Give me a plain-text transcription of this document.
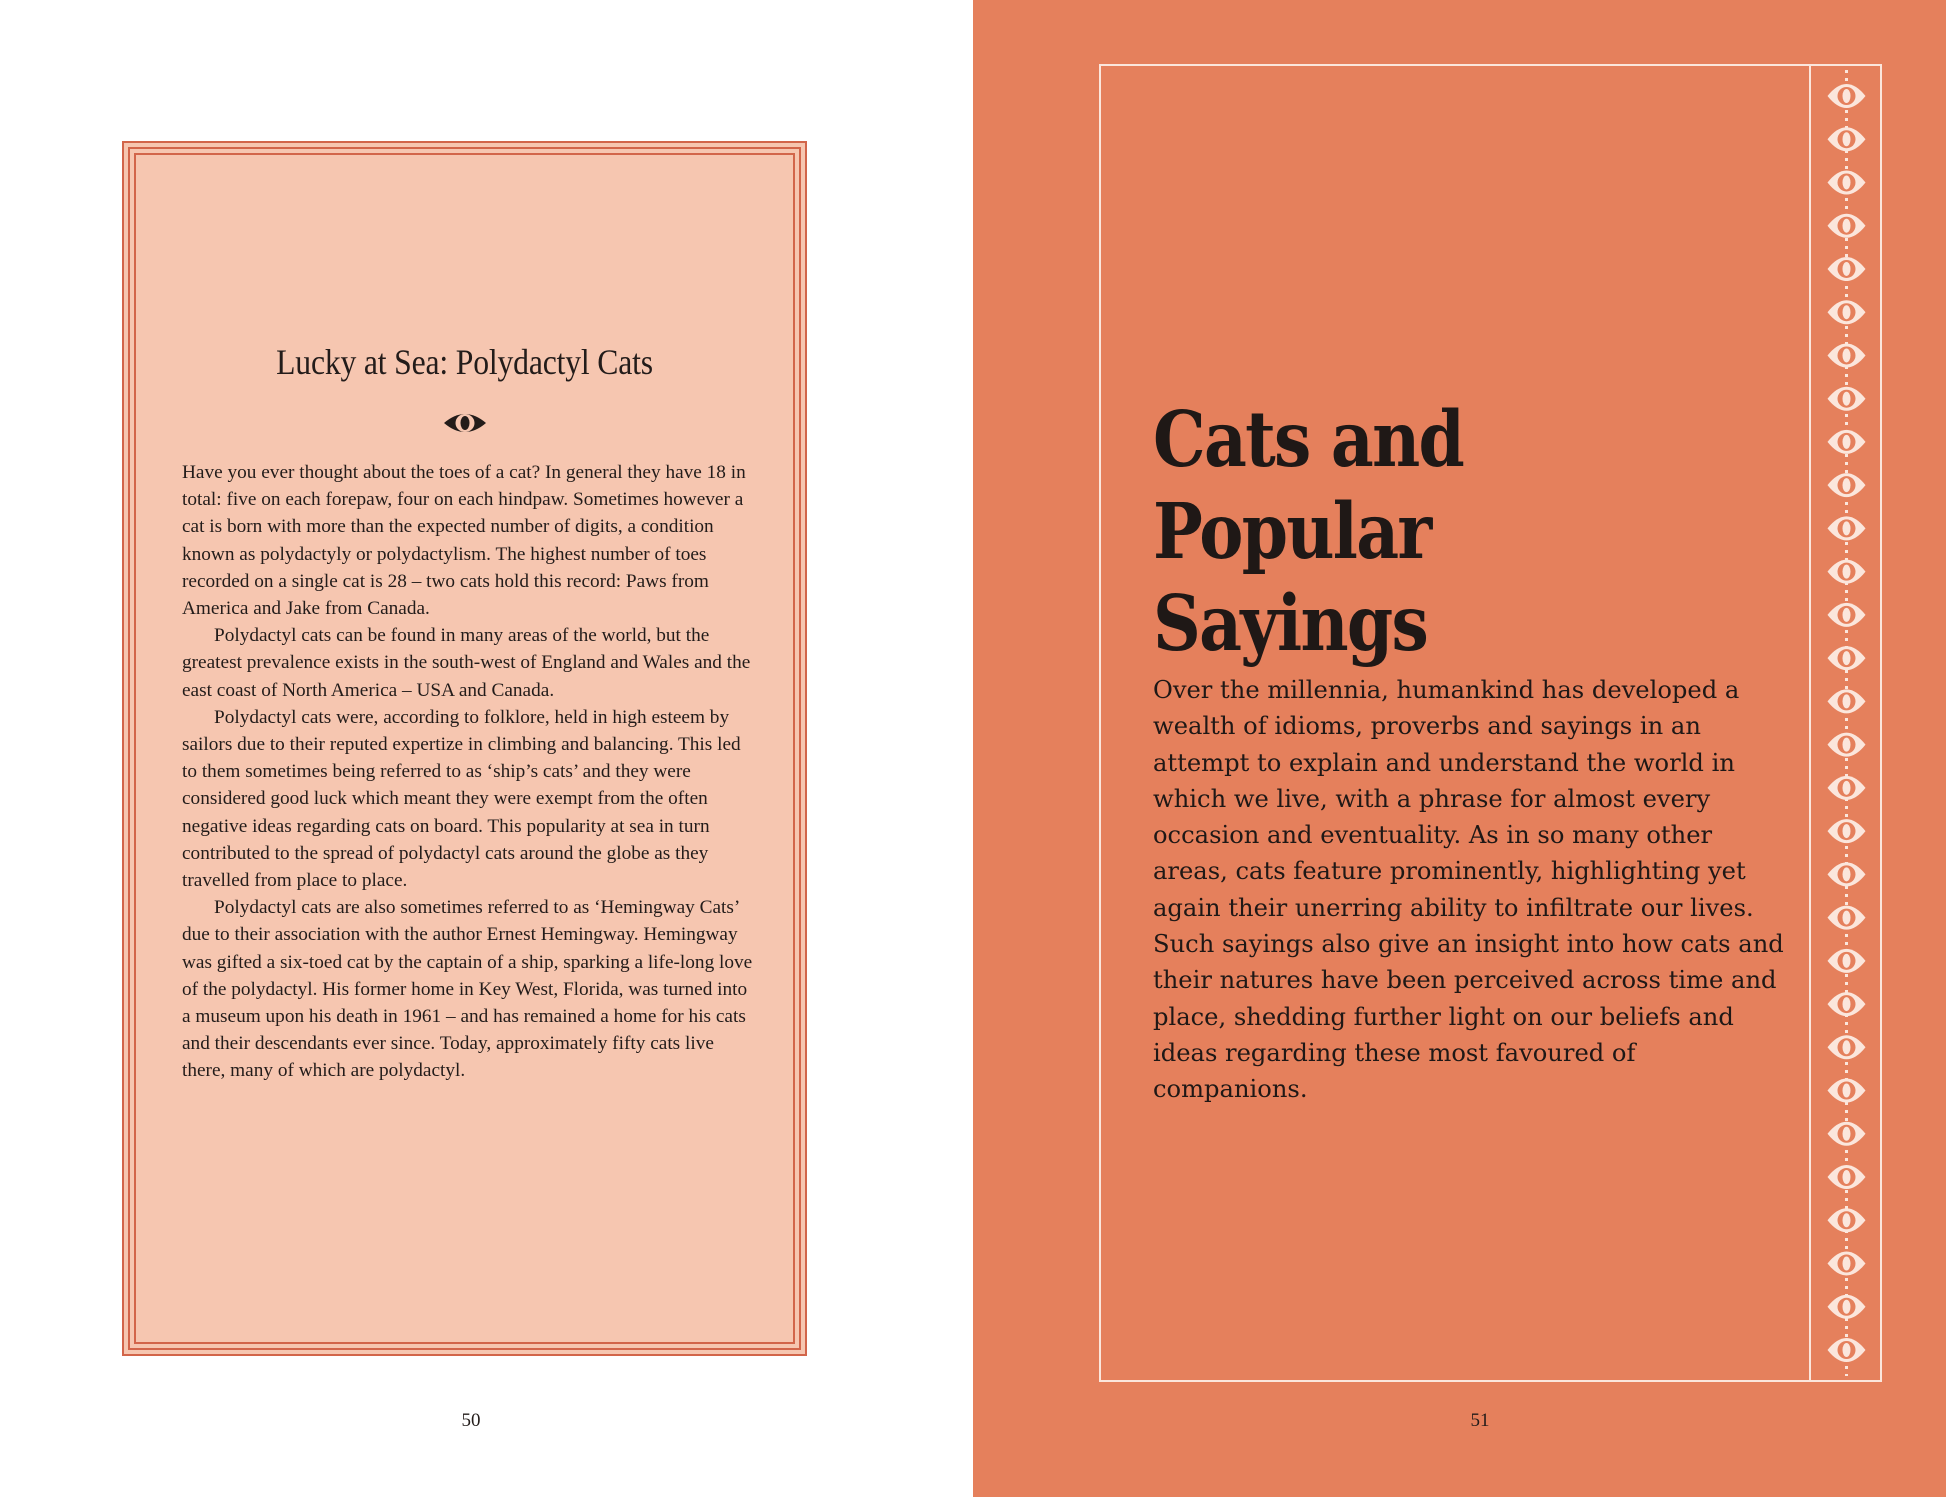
Lucky at Sea: Polydactyl Cats

Have you ever thought about the toes of a cat? In general they have 18 in total: five on each forepaw, four on each hindpaw. Sometimes however a cat is born with more than the expected number of digits, a condition known as polydactyly or polydactylism. The highest number of toes recorded on a single cat is 28 – two cats hold this record: Paws from America and Jake from Canada.

Polydactyl cats can be found in many areas of the world, but the greatest prevalence exists in the south-west of England and Wales and the east coast of North America – USA and Canada.

Polydactyl cats were, according to folklore, held in high esteem by sailors due to their reputed expertize in climbing and balancing. This led to them sometimes being referred to as ‘ship’s cats’ and they were considered good luck which meant they were exempt from the often negative ideas regarding cats on board. This popularity at sea in turn contributed to the spread of polydactyl cats around the globe as they travelled from place to place.

Polydactyl cats are also sometimes referred to as ‘Hemingway Cats’ due to their association with the author Ernest Hemingway. Hemingway was gifted a six-toed cat by the captain of a ship, sparking a life-long love of the polydactyl. His former home in Key West, Florida, was turned into a museum upon his death in 1961 – and has remained a home for his cats and their descendants ever since. Today, approximately fifty cats live there, many of which are polydactyl.

50
Cats and
Popular Sayings
Over the millennia, humankind has developed a wealth of idioms, proverbs and sayings in an attempt to explain and understand the world in which we live, with a phrase for almost every occasion and eventuality. As in so many other areas, cats feature prominently, highlighting yet again their unerring ability to infiltrate our lives. Such sayings also give an insight into how cats and their natures have been perceived across time and place, shedding further light on our beliefs and ideas regarding these most favoured of companions.
51
